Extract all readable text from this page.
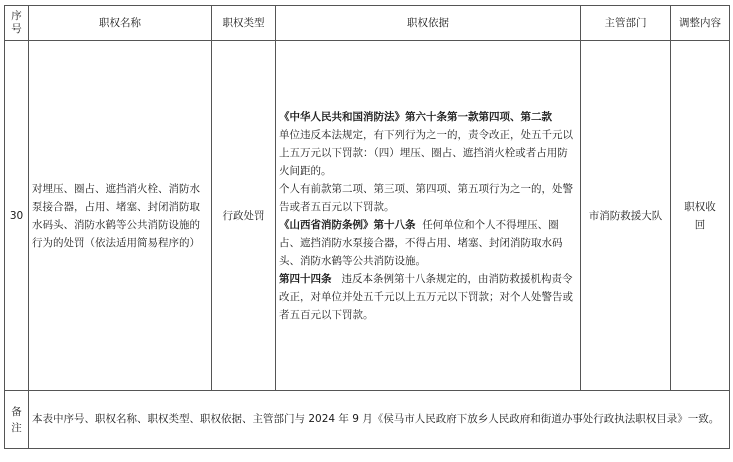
序号	职权名称	职权类型	职权依据	主管部门	调整内容
30	对埋压、圈占、遮挡消火栓、消防水泵接合器，占用、堵塞、封闭消防取水码头、消防水鹤等公共消防设施的行为的处罚（依法适用简易程序的）	行政处罚	《中华人民共和国消防法》第六十条第一款第四项、第二款
单位违反本法规定，有下列行为之一的，责令改正，处五千元以上五万元以下罚款：（四）埋压、圈占、遮挡消火栓或者占用防火间距的。
个人有前款第二项、第三项、第四项、第五项行为之一的，处警告或者五百元以下罚款。
《山西省消防条例》第十八条 任何单位和个人不得埋压、圈占、遮挡消防水泵接合器，不得占用、堵塞、封闭消防取水码头、消防水鹤等公共消防设施。
第四十四条 违反本条例第十八条规定的，由消防救援机构责令改正，对单位并处五千元以上五万元以下罚款；对个人处警告或者五百元以下罚款。	市消防救援大队	职权收回
备注	本表中序号、职权名称、职权类型、职权依据、主管部门与 2024 年 9 月《侯马市人民政府下放乡人民政府和街道办事处行政执法职权目录》一致。				
